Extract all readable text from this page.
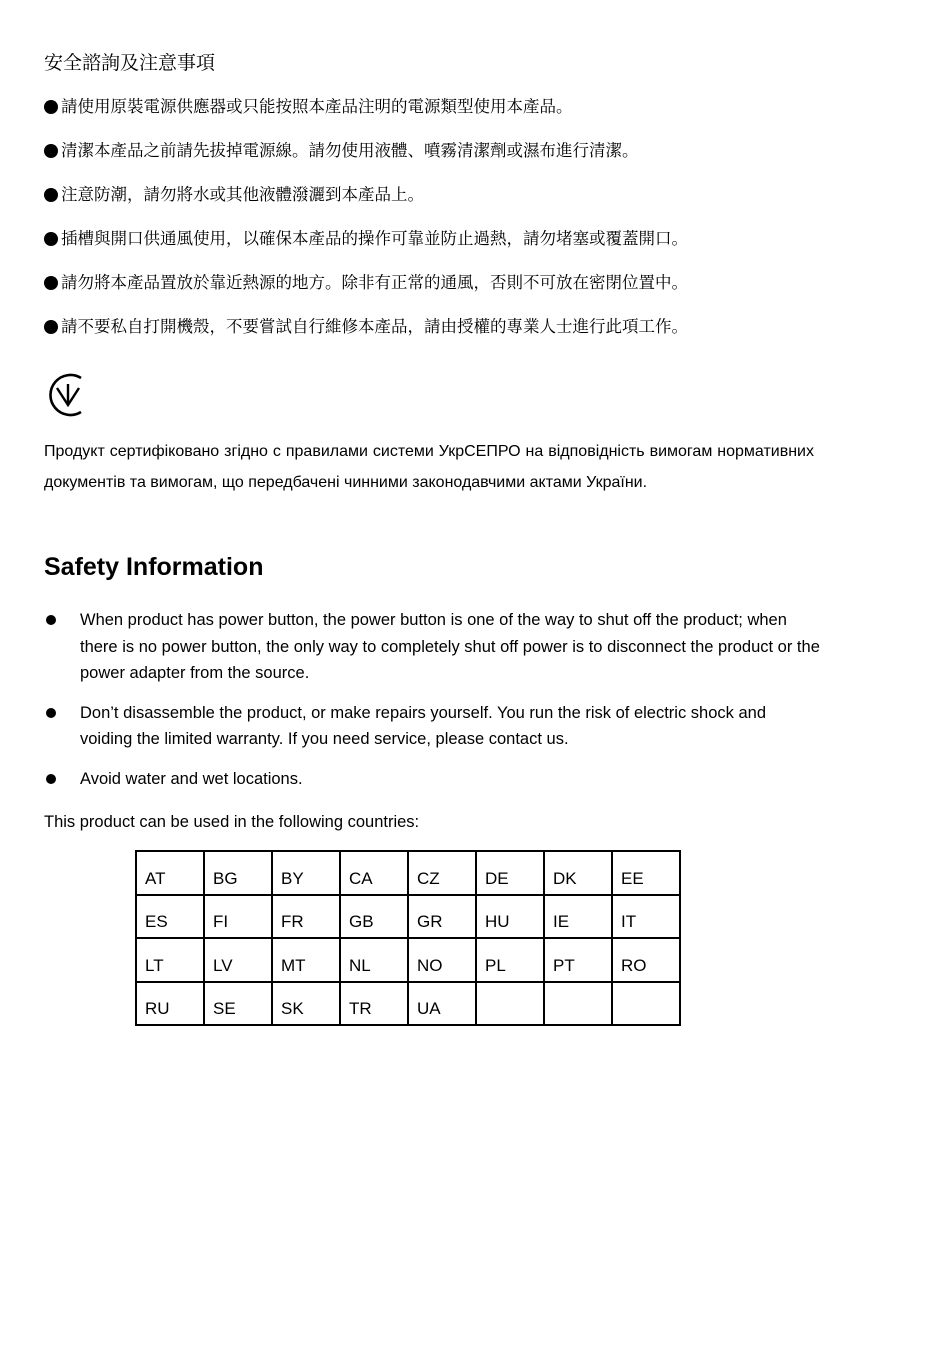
安全諮詢及注意事項
請使用原裝電源供應器或只能按照本產品注明的電源類型使用本產品。
清潔本產品之前請先拔掉電源線。請勿使用液體、噴霧清潔劑或濕布進行清潔。
注意防潮，請勿將水或其他液體潑灑到本產品上。
插槽與開口供通風使用，以確保本產品的操作可靠並防止過熱，請勿堵塞或覆蓋開口。
請勿將本產品置放於靠近熱源的地方。除非有正常的通風，否則不可放在密閉位置中。
請不要私自打開機殼，不要嘗試自行維修本產品，請由授權的專業人士進行此項工作。

Продукт сертифіковано згідно с правилами системи УкрСЕПРО на відповідність вимогам нормативних документів та вимогам, що передбачені чинними законодавчими актами України.

Safety Information
When product has power button, the power button is one of the way to shut off the product; when there is no power button, the only way to completely shut off power is to disconnect the product or the power adapter from the source.
Don’t disassemble the product, or make repairs yourself. You run the risk of electric shock and voiding the limited warranty. If you need service, please contact us.
Avoid water and wet locations.

This product can be used in the following countries:

AT	BG	BY	CA	CZ	DE	DK	EE
ES	FI	FR	GB	GR	HU	IE	IT
LT	LV	MT	NL	NO	PL	PT	RO
RU	SE	SK	TR	UA			
